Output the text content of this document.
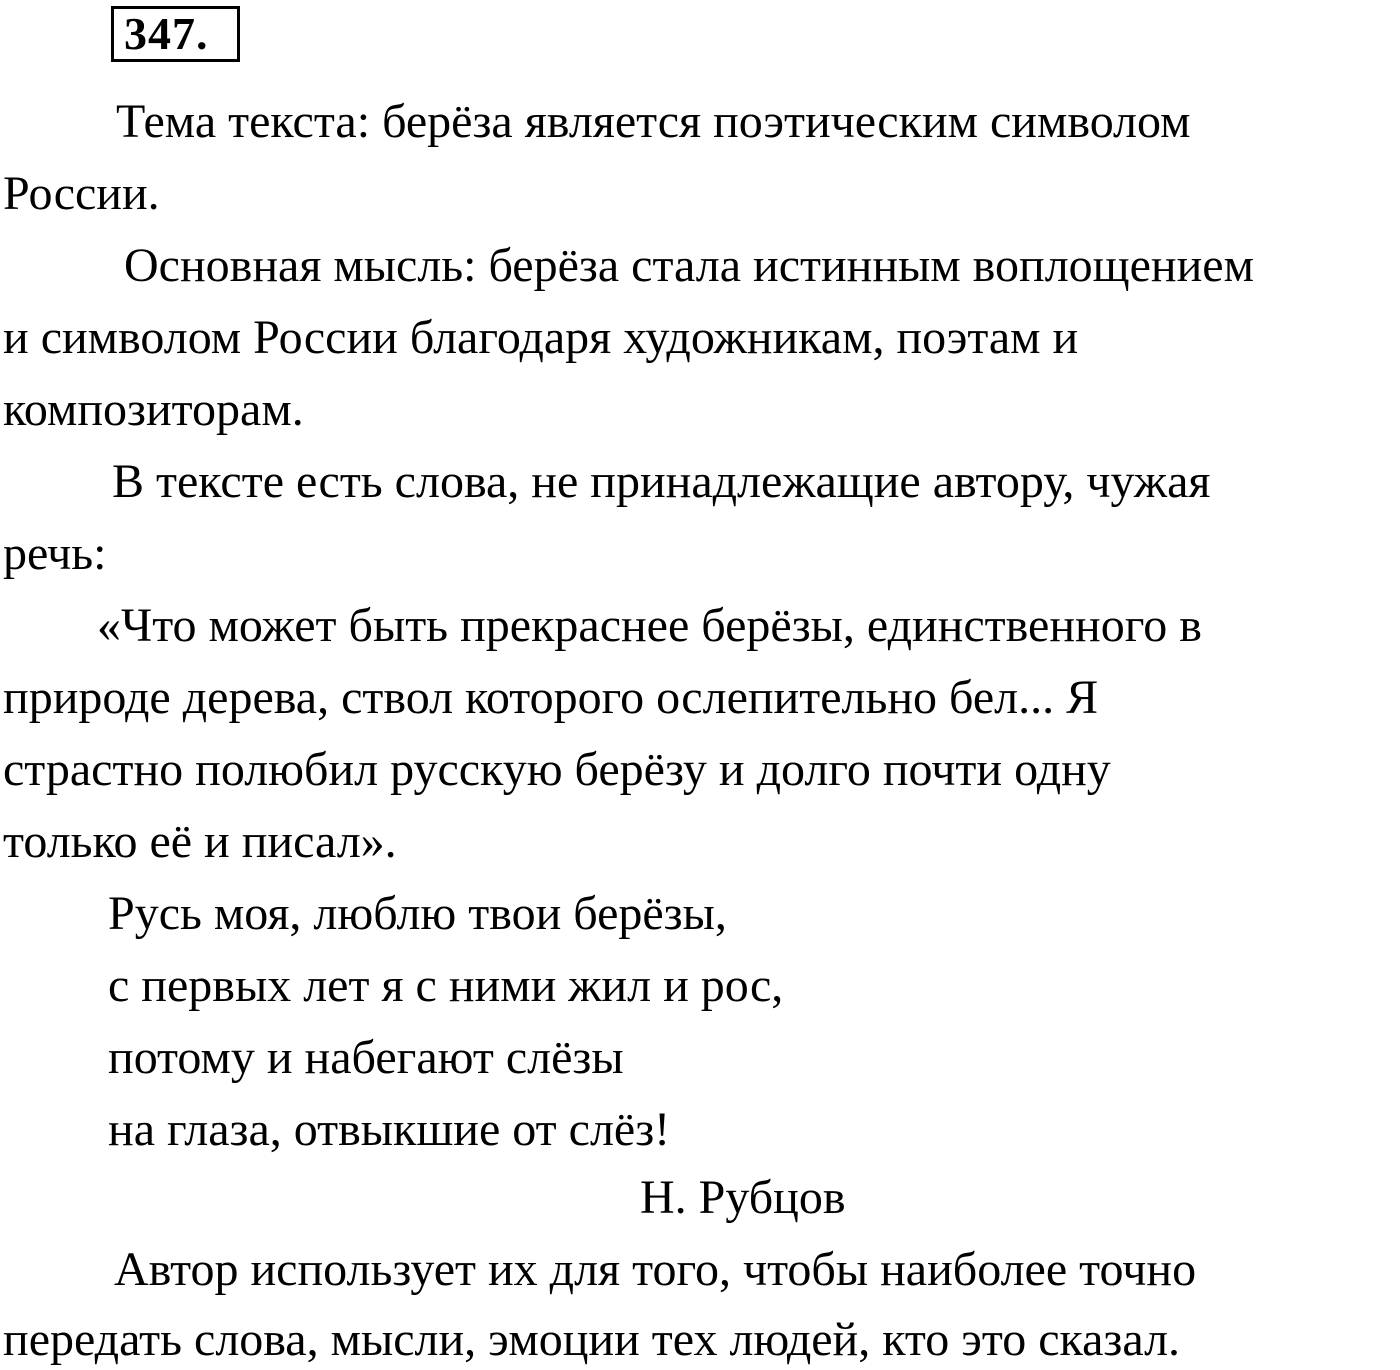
347.
Тема текста: берёза является поэтическим символом
России.
Основная мысль: берёза стала истинным воплощением
и символом России благодаря художникам, поэтам и
композиторам.
В тексте есть слова, не принадлежащие автору, чужая
речь:
«Что может быть прекраснее берёзы, единственного в
природе дерева, ствол которого ослепительно бел... Я
страстно полюбил русскую берёзу и долго почти одну
только её и писал».
Русь моя, люблю твои берёзы,
с первых лет я с ними жил и рос,
потому и набегают слёзы
на глаза, отвыкшие от слёз!
Н. Рубцов
Автор использует их для того, чтобы наиболее точно
передать слова, мысли, эмоции тех людей, кто это сказал.
